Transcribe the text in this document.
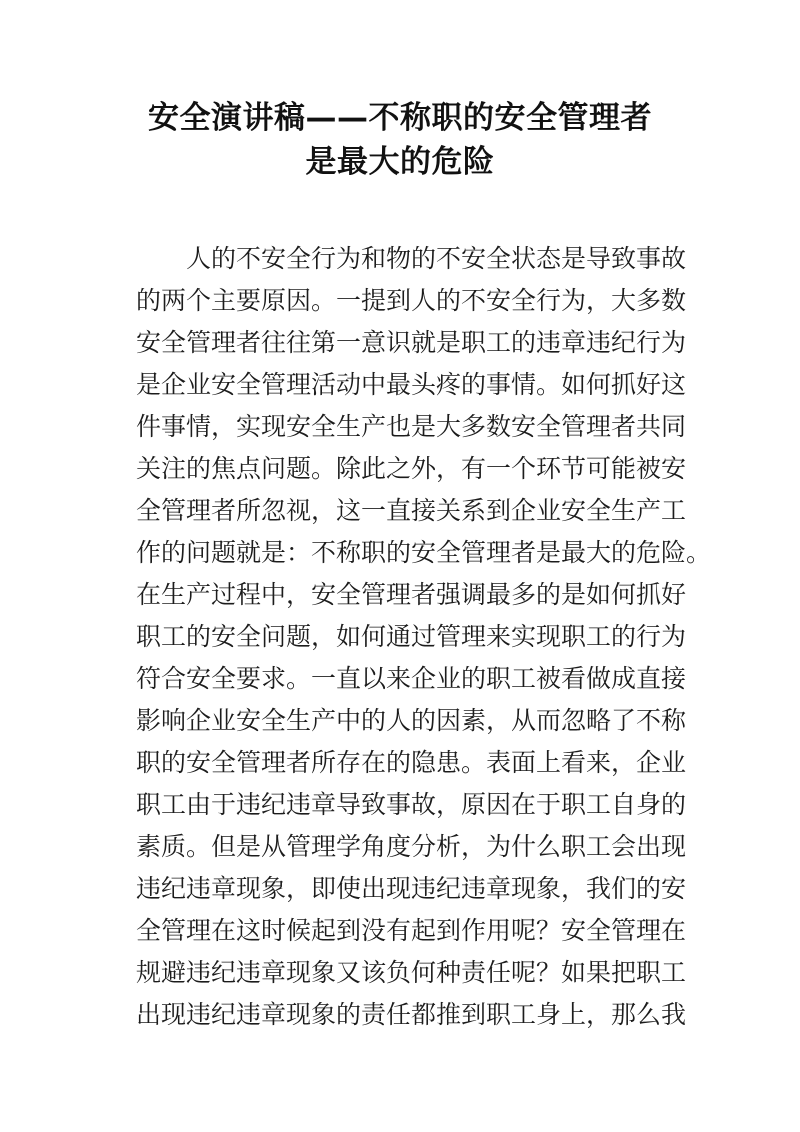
安全演讲稿——不称职的安全管理者
是最大的危险
人的不安全行为和物的不安全状态是导致事故
的两个主要原因。一提到人的不安全行为，大多数
安全管理者往往第一意识就是职工的违章违纪行为
是企业安全管理活动中最头疼的事情。如何抓好这
件事情，实现安全生产也是大多数安全管理者共同
关注的焦点问题。除此之外，有一个环节可能被安
全管理者所忽视，这一直接关系到企业安全生产工
作的问题就是：不称职的安全管理者是最大的危险。
在生产过程中，安全管理者强调最多的是如何抓好
职工的安全问题，如何通过管理来实现职工的行为
符合安全要求。一直以来企业的职工被看做成直接
影响企业安全生产中的人的因素，从而忽略了不称
职的安全管理者所存在的隐患。表面上看来，企业
职工由于违纪违章导致事故，原因在于职工自身的
素质。但是从管理学角度分析，为什么职工会出现
违纪违章现象，即使出现违纪违章现象，我们的安
全管理在这时候起到没有起到作用呢？安全管理在
规避违纪违章现象又该负何种责任呢？如果把职工
出现违纪违章现象的责任都推到职工身上，那么我
